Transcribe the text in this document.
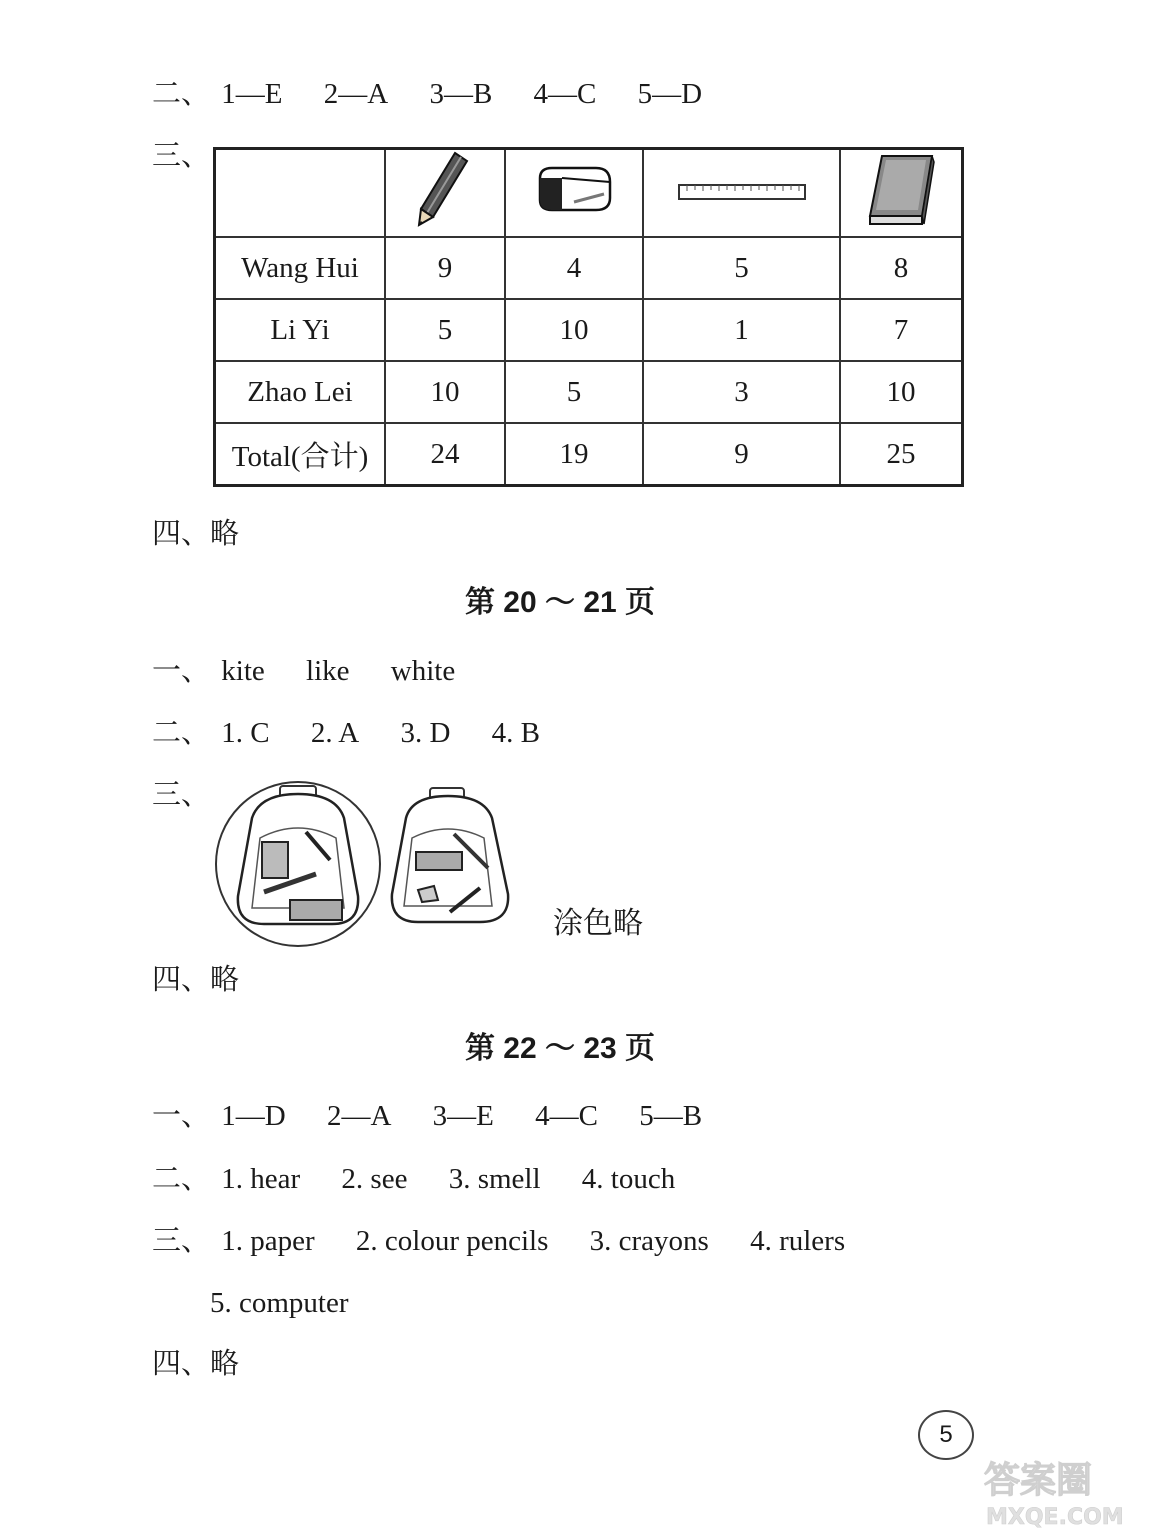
二、 1—E 2—A 3—B 4—C 5—D
三、

Wang Hui	9	4	5	8
Li Yi	5	10	1	7
Zhao Lei	10	5	3	10
Total(合计)	24	19	9	25
四、略
第 20 ～ 21 页
一、 kite like white
二、 1. C 2. A 3. D 4. B
三、
涂色略
四、略
第 22 ～ 23 页
一、 1—D 2—A 3—E 4—C 5—B
二、 1. hear 2. see 3. smell 4. touch
三、 1. paper 2. colour pencils 3. crayons 4. rulers
5. computer
四、略
5
答案圈
MXQE.COM
